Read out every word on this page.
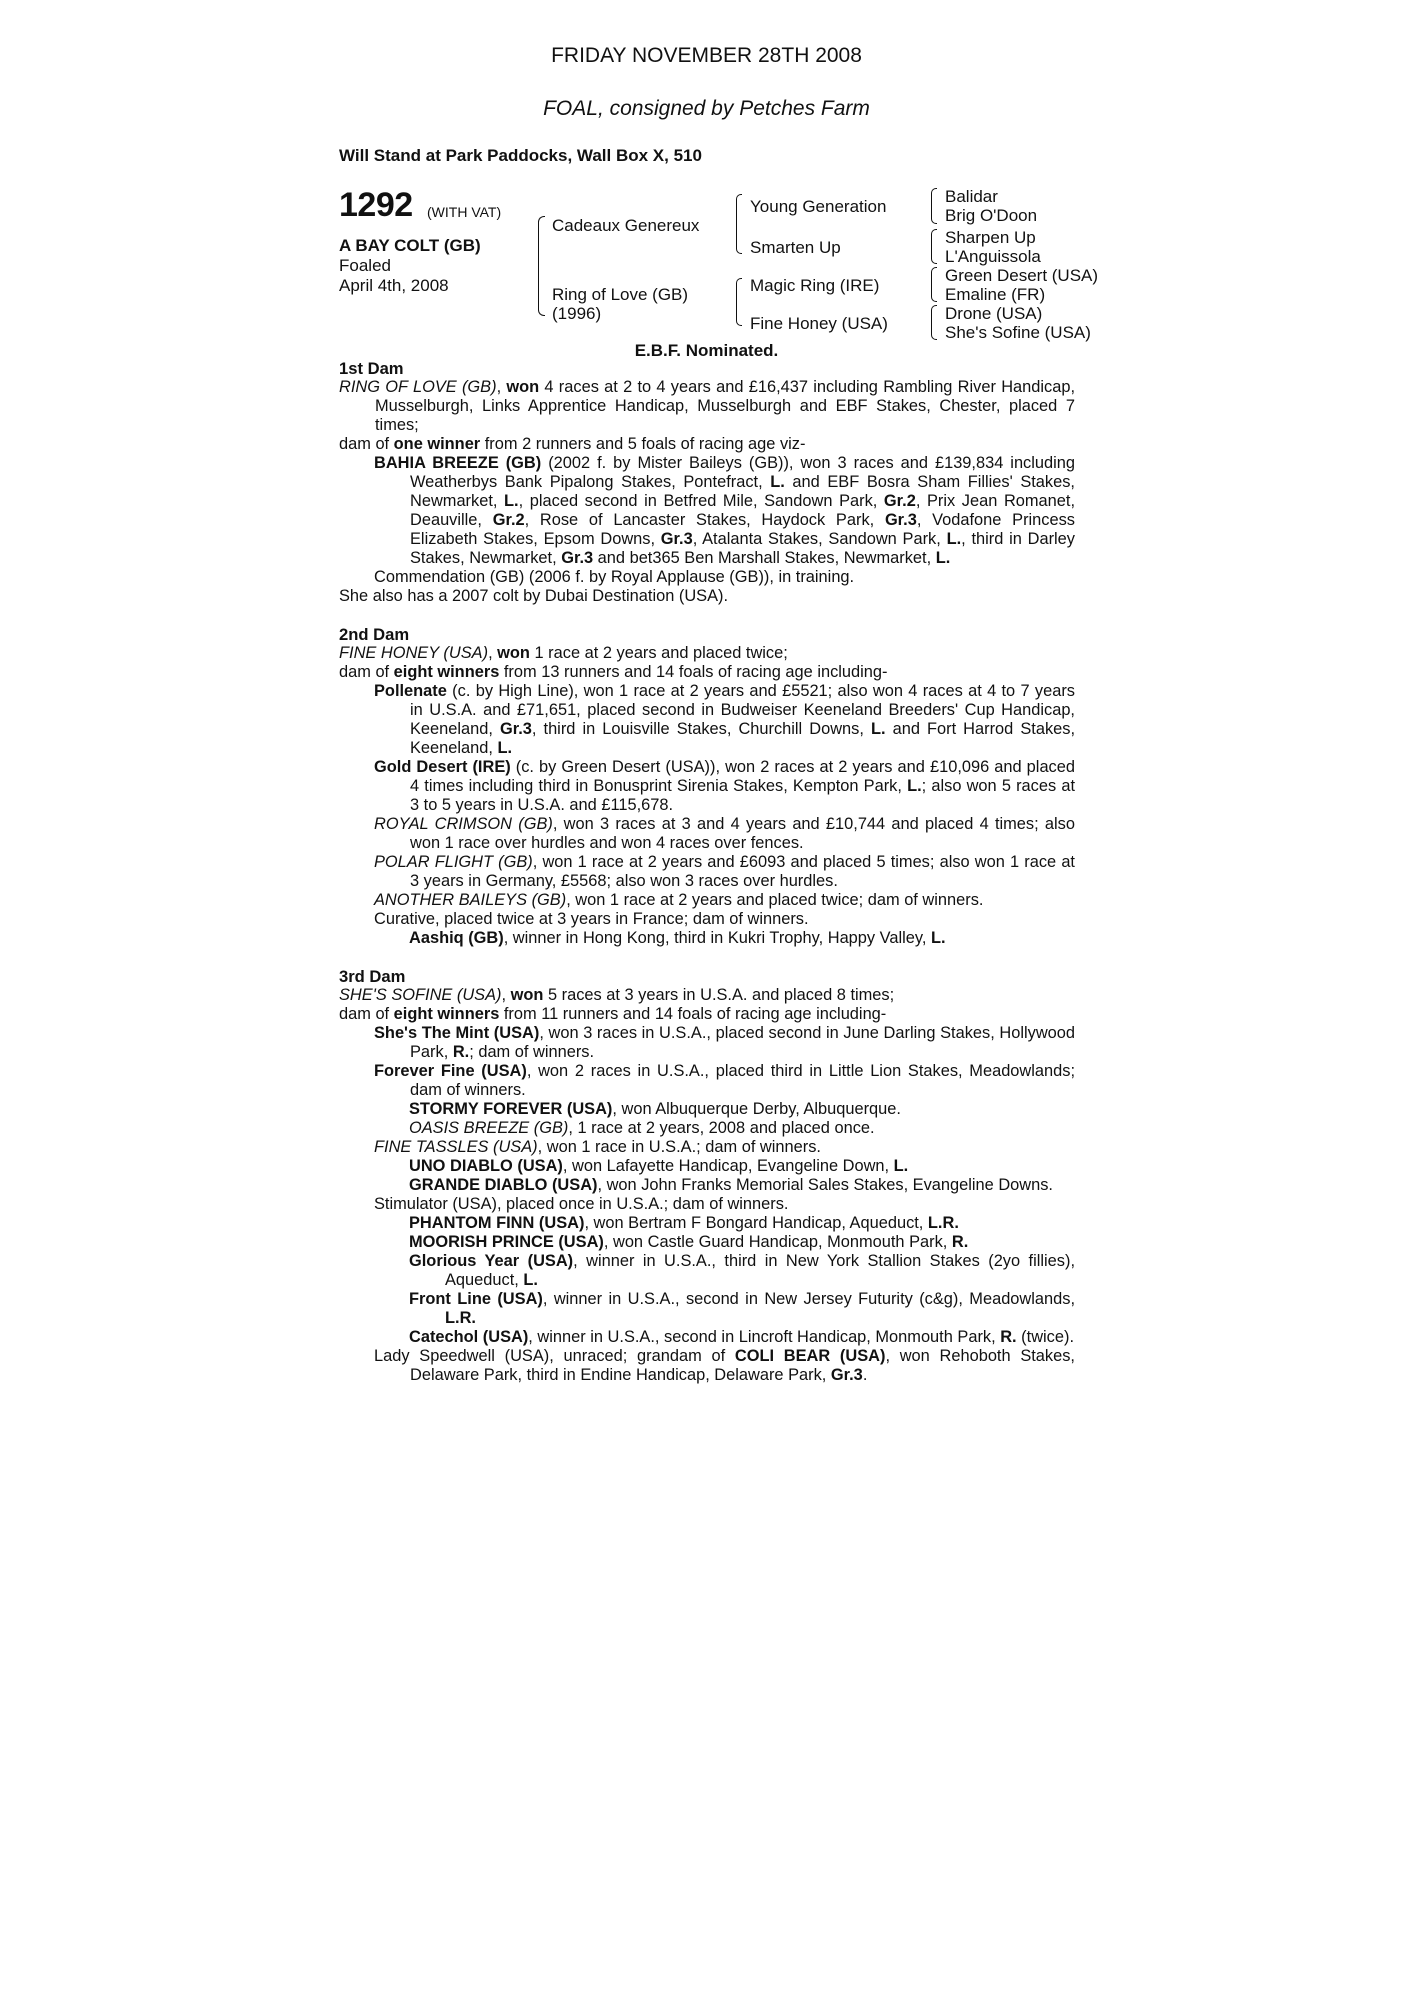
FRIDAY NOVEMBER 28TH 2008
FOAL, consigned by Petches Farm
Will Stand at Park Paddocks, Wall Box X, 510
1292 (WITH VAT)
A BAY COLT (GB)
Foaled
April 4th, 2008
Cadeaux Genereux
Ring of Love (GB)
(1996)
Young Generation
Smarten Up
Magic Ring (IRE)
Fine Honey (USA)
Balidar
Brig O'Doon
Sharpen Up
L'Anguissola
Green Desert (USA)
Emaline (FR)
Drone (USA)
She's Sofine (USA)
E.B.F. Nominated.
1st Dam
RING OF LOVE (GB), won 4 races at 2 to 4 years and £16,437 including Rambling River Handicap, Musselburgh, Links Apprentice Handicap, Musselburgh and EBF Stakes, Chester, placed 7 times;
dam of one winner from 2 runners and 5 foals of racing age viz-
BAHIA BREEZE (GB) (2002 f. by Mister Baileys (GB)), won 3 races and £139,834 including Weatherbys Bank Pipalong Stakes, Pontefract, L. and EBF Bosra Sham Fillies' Stakes, Newmarket, L., placed second in Betfred Mile, Sandown Park, Gr.2, Prix Jean Romanet, Deauville, Gr.2, Rose of Lancaster Stakes, Haydock Park, Gr.3, Vodafone Princess Elizabeth Stakes, Epsom Downs, Gr.3, Atalanta Stakes, Sandown Park, L., third in Darley Stakes, Newmarket, Gr.3 and bet365 Ben Marshall Stakes, Newmarket, L.
Commendation (GB) (2006 f. by Royal Applause (GB)), in training.
She also has a 2007 colt by Dubai Destination (USA).
2nd Dam
FINE HONEY (USA), won 1 race at 2 years and placed twice;
dam of eight winners from 13 runners and 14 foals of racing age including-
Pollenate (c. by High Line), won 1 race at 2 years and £5521; also won 4 races at 4 to 7 years in U.S.A. and £71,651, placed second in Budweiser Keeneland Breeders' Cup Handicap, Keeneland, Gr.3, third in Louisville Stakes, Churchill Downs, L. and Fort Harrod Stakes, Keeneland, L.
Gold Desert (IRE) (c. by Green Desert (USA)), won 2 races at 2 years and £10,096 and placed 4 times including third in Bonusprint Sirenia Stakes, Kempton Park, L.; also won 5 races at 3 to 5 years in U.S.A. and £115,678.
ROYAL CRIMSON (GB), won 3 races at 3 and 4 years and £10,744 and placed 4 times; also won 1 race over hurdles and won 4 races over fences.
POLAR FLIGHT (GB), won 1 race at 2 years and £6093 and placed 5 times; also won 1 race at 3 years in Germany, £5568; also won 3 races over hurdles.
ANOTHER BAILEYS (GB), won 1 race at 2 years and placed twice; dam of winners.
Curative, placed twice at 3 years in France; dam of winners.
Aashiq (GB), winner in Hong Kong, third in Kukri Trophy, Happy Valley, L.
3rd Dam
SHE'S SOFINE (USA), won 5 races at 3 years in U.S.A. and placed 8 times;
dam of eight winners from 11 runners and 14 foals of racing age including-
She's The Mint (USA), won 3 races in U.S.A., placed second in June Darling Stakes, Hollywood Park, R.; dam of winners.
Forever Fine (USA), won 2 races in U.S.A., placed third in Little Lion Stakes, Meadowlands; dam of winners.
STORMY FOREVER (USA), won Albuquerque Derby, Albuquerque.
OASIS BREEZE (GB), 1 race at 2 years, 2008 and placed once.
FINE TASSLES (USA), won 1 race in U.S.A.; dam of winners.
UNO DIABLO (USA), won Lafayette Handicap, Evangeline Down, L.
GRANDE DIABLO (USA), won John Franks Memorial Sales Stakes, Evangeline Downs.
Stimulator (USA), placed once in U.S.A.; dam of winners.
PHANTOM FINN (USA), won Bertram F Bongard Handicap, Aqueduct, L.R.
MOORISH PRINCE (USA), won Castle Guard Handicap, Monmouth Park, R.
Glorious Year (USA), winner in U.S.A., third in New York Stallion Stakes (2yo fillies), Aqueduct, L.
Front Line (USA), winner in U.S.A., second in New Jersey Futurity (c&g), Meadowlands, L.R.
Catechol (USA), winner in U.S.A., second in Lincroft Handicap, Monmouth Park, R. (twice).
Lady Speedwell (USA), unraced; grandam of COLI BEAR (USA), won Rehoboth Stakes, Delaware Park, third in Endine Handicap, Delaware Park, Gr.3.
